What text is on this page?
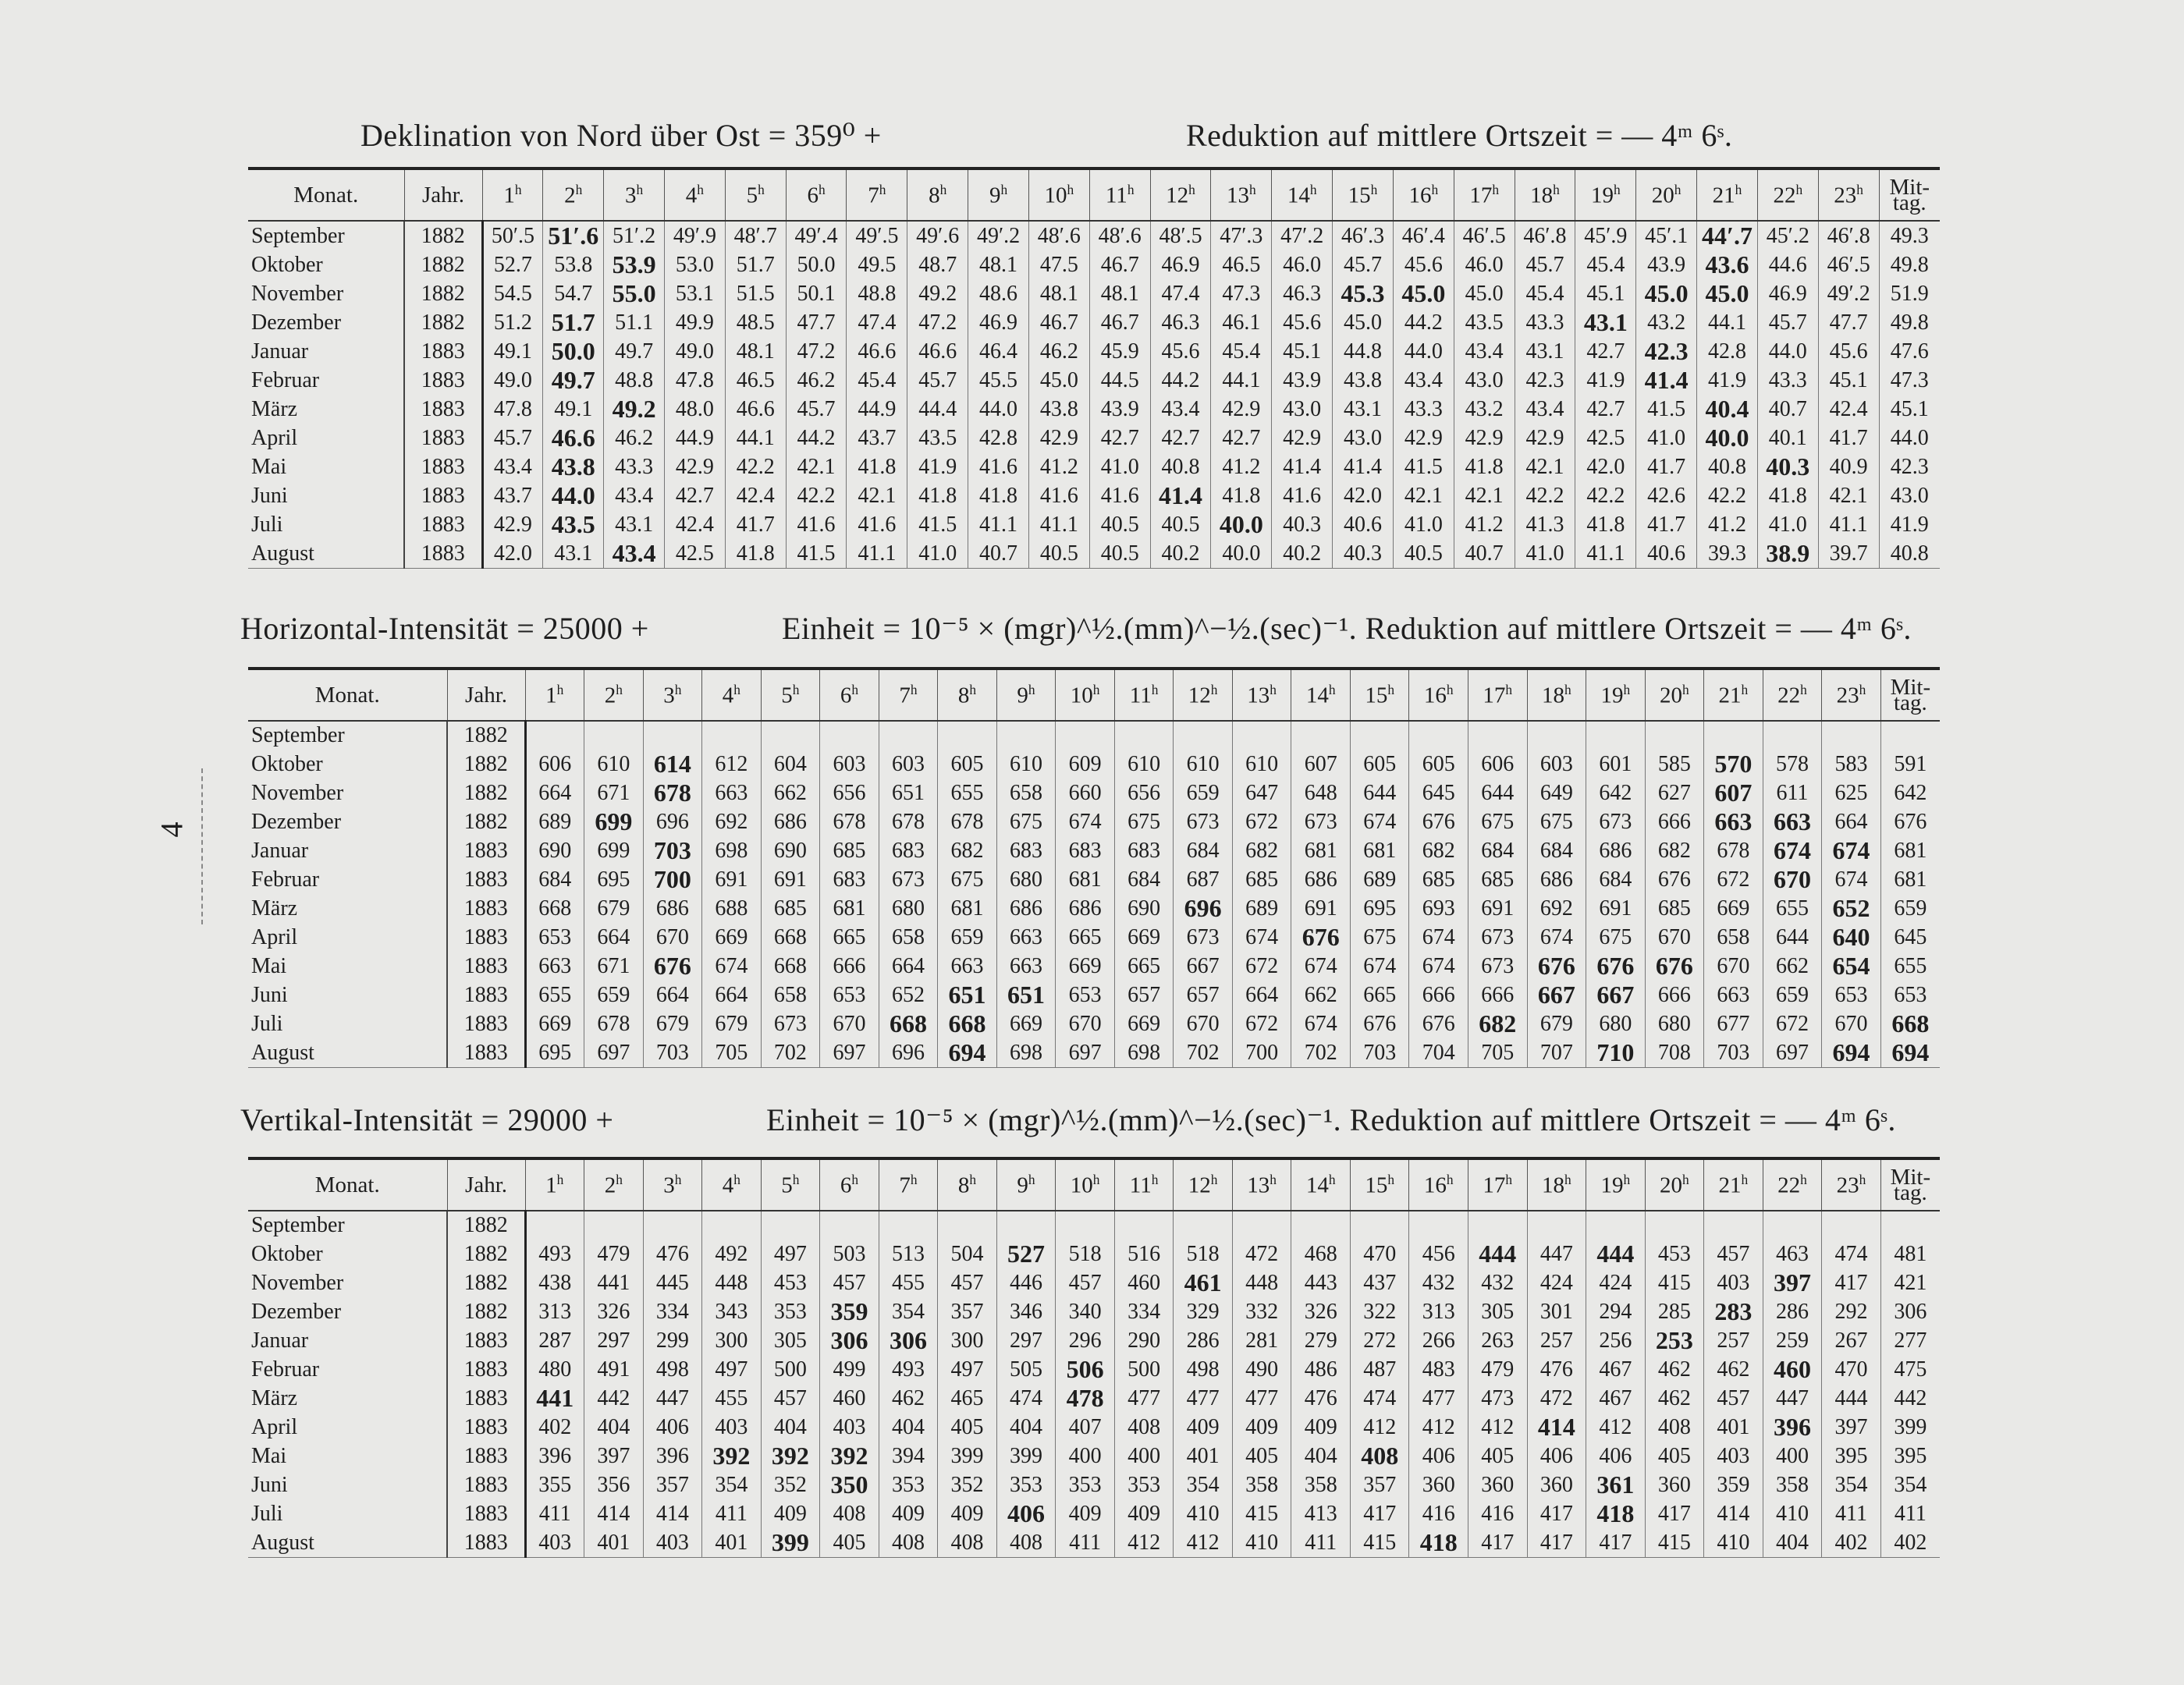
4
Deklination von Nord über Ost = 359⁰ +	Reduktion auf mittlere Ortszeit = — 4ᵐ 6ˢ.
Monat.	Jahr.	1$^h$	2$^h$	3$^h$	4$^h$	5$^h$	6$^h$	7$^h$	8$^h$	9$^h$	10$^h$	11$^h$	12$^h$	13$^h$	14$^h$	15$^h$	16$^h$	17$^h$	18$^h$	19$^h$	20$^h$	21$^h$	22$^h$	23$^h$	Mit-tag.
September	1882	50′.5	51′.6	51′.2	49′.9	48′.7	49′.4	49′.5	49′.6	49′.2	48′.6	48′.6	48′.5	47′.3	47′.2	46′.3	46′.4	46′.5	46′.8	45′.9	45′.1	44′.7	45′.2	46′.8	49.3
Oktober	1882	52.7	53.8	53.9	53.0	51.7	50.0	49.5	48.7	48.1	47.5	46.7	46.9	46.5	46.0	45.7	45.6	46.0	45.7	45.4	43.9	43.6	44.6	46′.5	49.8
November	1882	54.5	54.7	55.0	53.1	51.5	50.1	48.8	49.2	48.6	48.1	48.1	47.4	47.3	46.3	45.3	45.0	45.0	45.4	45.1	45.0	45.0	46.9	49′.2	51.9
Dezember	1882	51.2	51.7	51.1	49.9	48.5	47.7	47.4	47.2	46.9	46.7	46.7	46.3	46.1	45.6	45.0	44.2	43.5	43.3	43.1	43.2	44.1	45.7	47.7	49.8
Januar	1883	49.1	50.0	49.7	49.0	48.1	47.2	46.6	46.6	46.4	46.2	45.9	45.6	45.4	45.1	44.8	44.0	43.4	43.1	42.7	42.3	42.8	44.0	45.6	47.6
Februar	1883	49.0	49.7	48.8	47.8	46.5	46.2	45.4	45.7	45.5	45.0	44.5	44.2	44.1	43.9	43.8	43.4	43.0	42.3	41.9	41.4	41.9	43.3	45.1	47.3
März	1883	47.8	49.1	49.2	48.0	46.6	45.7	44.9	44.4	44.0	43.8	43.9	43.4	42.9	43.0	43.1	43.3	43.2	43.4	42.7	41.5	40.4	40.7	42.4	45.1
April	1883	45.7	46.6	46.2	44.9	44.1	44.2	43.7	43.5	42.8	42.9	42.7	42.7	42.7	42.9	43.0	42.9	42.9	42.9	42.5	41.0	40.0	40.1	41.7	44.0
Mai	1883	43.4	43.8	43.3	42.9	42.2	42.1	41.8	41.9	41.6	41.2	41.0	40.8	41.2	41.4	41.4	41.5	41.8	42.1	42.0	41.7	40.8	40.3	40.9	42.3
Juni	1883	43.7	44.0	43.4	42.7	42.4	42.2	42.1	41.8	41.8	41.6	41.6	41.4	41.8	41.6	42.0	42.1	42.1	42.2	42.2	42.6	42.2	41.8	42.1	43.0
Juli	1883	42.9	43.5	43.1	42.4	41.7	41.6	41.6	41.5	41.1	41.1	40.5	40.5	40.0	40.3	40.6	41.0	41.2	41.3	41.8	41.7	41.2	41.0	41.1	41.9
August	1883	42.0	43.1	43.4	42.5	41.8	41.5	41.1	41.0	40.7	40.5	40.5	40.2	40.0	40.2	40.3	40.5	40.7	41.0	41.1	40.6	39.3	38.9	39.7	40.8
Horizontal-Intensität = 25000 +	Einheit = 10⁻⁵ × (mgr)^½.(mm)^−½.(sec)⁻¹. Reduktion auf mittlere Ortszeit = — 4ᵐ 6ˢ.
Monat.	Jahr.	1$^h$	2$^h$	3$^h$	4$^h$	5$^h$	6$^h$	7$^h$	8$^h$	9$^h$	10$^h$	11$^h$	12$^h$	13$^h$	14$^h$	15$^h$	16$^h$	17$^h$	18$^h$	19$^h$	20$^h$	21$^h$	22$^h$	23$^h$	Mit-tag.
September	1882																								
Oktober	1882	606	610	614	612	604	603	603	605	610	609	610	610	610	607	605	605	606	603	601	585	570	578	583	591
November	1882	664	671	678	663	662	656	651	655	658	660	656	659	647	648	644	645	644	649	642	627	607	611	625	642
Dezember	1882	689	699	696	692	686	678	678	678	675	674	675	673	672	673	674	676	675	675	673	666	663	663	664	676
Januar	1883	690	699	703	698	690	685	683	682	683	683	683	684	682	681	681	682	684	684	686	682	678	674	674	681
Februar	1883	684	695	700	691	691	683	673	675	680	681	684	687	685	686	689	685	685	686	684	676	672	670	674	681
März	1883	668	679	686	688	685	681	680	681	686	686	690	696	689	691	695	693	691	692	691	685	669	655	652	659
April	1883	653	664	670	669	668	665	658	659	663	665	669	673	674	676	675	674	673	674	675	670	658	644	640	645
Mai	1883	663	671	676	674	668	666	664	663	663	669	665	667	672	674	674	674	673	676	676	676	670	662	654	655
Juni	1883	655	659	664	664	658	653	652	651	651	653	657	657	664	662	665	666	666	667	667	666	663	659	653	653
Juli	1883	669	678	679	679	673	670	668	668	669	670	669	670	672	674	676	676	682	679	680	680	677	672	670	668
August	1883	695	697	703	705	702	697	696	694	698	697	698	702	700	702	703	704	705	707	710	708	703	697	694	694
Vertikal-Intensität = 29000 +	Einheit = 10⁻⁵ × (mgr)^½.(mm)^−½.(sec)⁻¹. Reduktion auf mittlere Ortszeit = — 4ᵐ 6ˢ.
Monat.	Jahr.	1$^h$	2$^h$	3$^h$	4$^h$	5$^h$	6$^h$	7$^h$	8$^h$	9$^h$	10$^h$	11$^h$	12$^h$	13$^h$	14$^h$	15$^h$	16$^h$	17$^h$	18$^h$	19$^h$	20$^h$	21$^h$	22$^h$	23$^h$	Mit-tag.
September	1882																								
Oktober	1882	493	479	476	492	497	503	513	504	527	518	516	518	472	468	470	456	444	447	444	453	457	463	474	481
November	1882	438	441	445	448	453	457	455	457	446	457	460	461	448	443	437	432	432	424	424	415	403	397	417	421
Dezember	1882	313	326	334	343	353	359	354	357	346	340	334	329	332	326	322	313	305	301	294	285	283	286	292	306
Januar	1883	287	297	299	300	305	306	306	300	297	296	290	286	281	279	272	266	263	257	256	253	257	259	267	277
Februar	1883	480	491	498	497	500	499	493	497	505	506	500	498	490	486	487	483	479	476	467	462	462	460	470	475
März	1883	441	442	447	455	457	460	462	465	474	478	477	477	477	476	474	477	473	472	467	462	457	447	444	442
April	1883	402	404	406	403	404	403	404	405	404	407	408	409	409	409	412	412	412	414	412	408	401	396	397	399
Mai	1883	396	397	396	392	392	392	394	399	399	400	400	401	405	404	408	406	405	406	406	405	403	400	395	395
Juni	1883	355	356	357	354	352	350	353	352	353	353	353	354	358	358	357	360	360	360	361	360	359	358	354	354
Juli	1883	411	414	414	411	409	408	409	409	406	409	409	410	415	413	417	416	416	417	418	417	414	410	411	411
August	1883	403	401	403	401	399	405	408	408	408	411	412	412	410	411	415	418	417	417	417	415	410	404	402	402
